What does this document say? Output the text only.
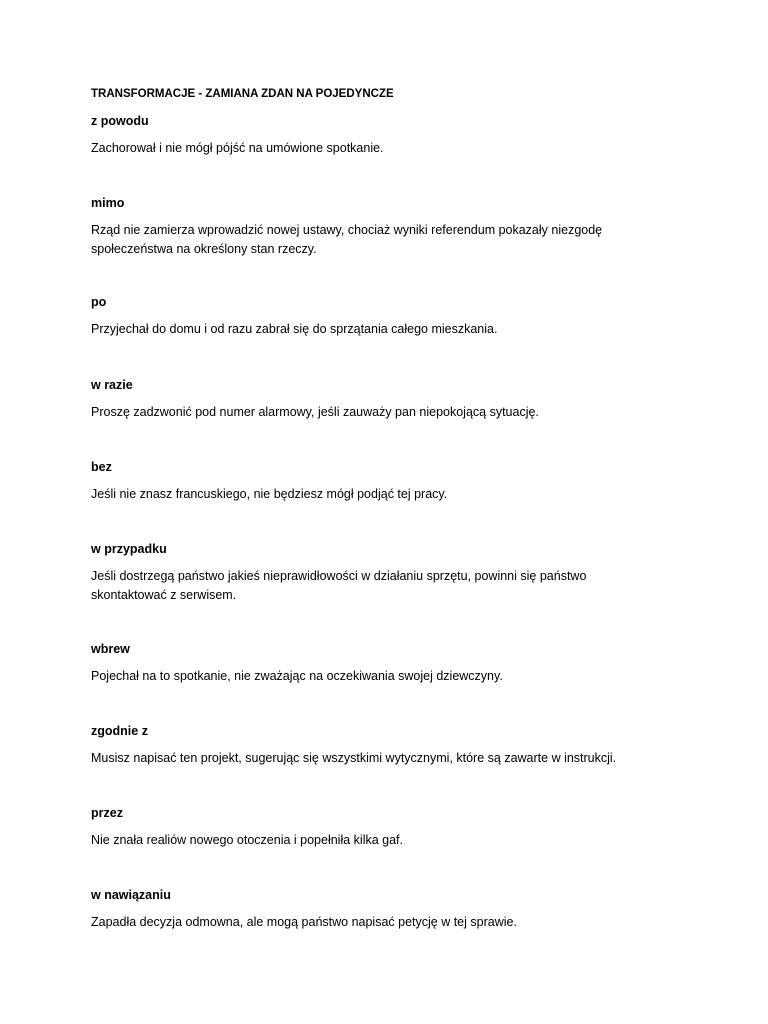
TRANSFORMACJE - ZAMIANA ZDAN NA POJEDYNCZE
z powodu
Zachorował i nie mógł pójść na umówione spotkanie.
mimo
Rząd nie zamierza wprowadzić nowej ustawy, chociaż wyniki referendum pokazały niezgodę
społeczeństwa na określony stan rzeczy.
po
Przyjechał do domu i od razu zabrał się do sprzątania całego mieszkania.
w razie
Proszę zadzwonić pod numer alarmowy, jeśli zauważy pan niepokojącą sytuację.
bez
Jeśli nie znasz francuskiego, nie będziesz mógł podjąć tej pracy.
w przypadku
Jeśli dostrzegą państwo jakieś nieprawidłowości w działaniu sprzętu, powinni się państwo
skontaktować z serwisem.
wbrew
Pojechał na to spotkanie, nie zważając na oczekiwania swojej dziewczyny.
zgodnie z
Musisz napisać ten projekt, sugerując się wszystkimi wytycznymi, które są zawarte w instrukcji.
przez
Nie znała realiów nowego otoczenia i popełniła kilka gaf.
w nawiązaniu
Zapadła decyzja odmowna, ale mogą państwo napisać petycję w tej sprawie.
